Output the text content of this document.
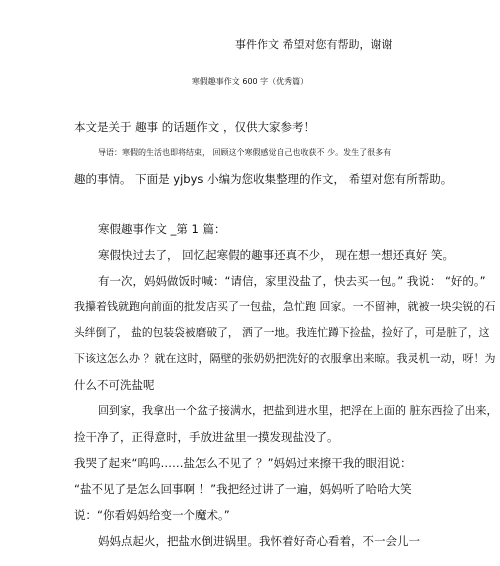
事件作文 希望对您有帮助，谢谢
寒假趣事作文 600 字（优秀篇）
本文是关于 趣事 的话题作文 ，仅供大家参考！
导语：寒假的生活也即将结束， 回顾这个寒假感觉自己也收获不 少。发生了很多有
趣的事情。 下面是 yjbys 小编为您收集整理的作文， 希望对您有所帮助。
寒假趣事作文 _第 1 篇：
寒假快过去了， 回忆起寒假的趣事还真不少， 现在想一想还真好 笑。
有一次，妈妈做饭时喊：“请信，家里没盐了，快去买一包。” 我说： “好的。”
我攥着钱就跑向前面的批发店买了一包盐，急忙跑 回家。一不留神，就被一块尖锐的石
头绊倒了， 盐的包装袋被磨破了， 洒了一地。我连忙蹲下捡盐，捡好了，可是脏了，这
下该这怎么办 ？就在这时，隔壁的张奶奶把洗好的衣服拿出来晾。我灵机一动，呀！为
什么不可洗盐呢
回到家，我拿出一个盆子接满水，把盐到进水里，把浮在上面的 脏东西捡了出来，
捡干净了，正得意时，手放进盆里一摸发现盐没了。
我哭了起来“呜呜……盐怎么不见了 ？”妈妈过来擦干我的眼泪说：
“盐不见了是怎么回事啊 ！”我把经过讲了一遍，妈妈听了哈哈大笑
说：“你看妈妈给变一个魔术。”
妈妈点起火，把盐水倒进锅里。我怀着好奇心看着，不一会儿一
